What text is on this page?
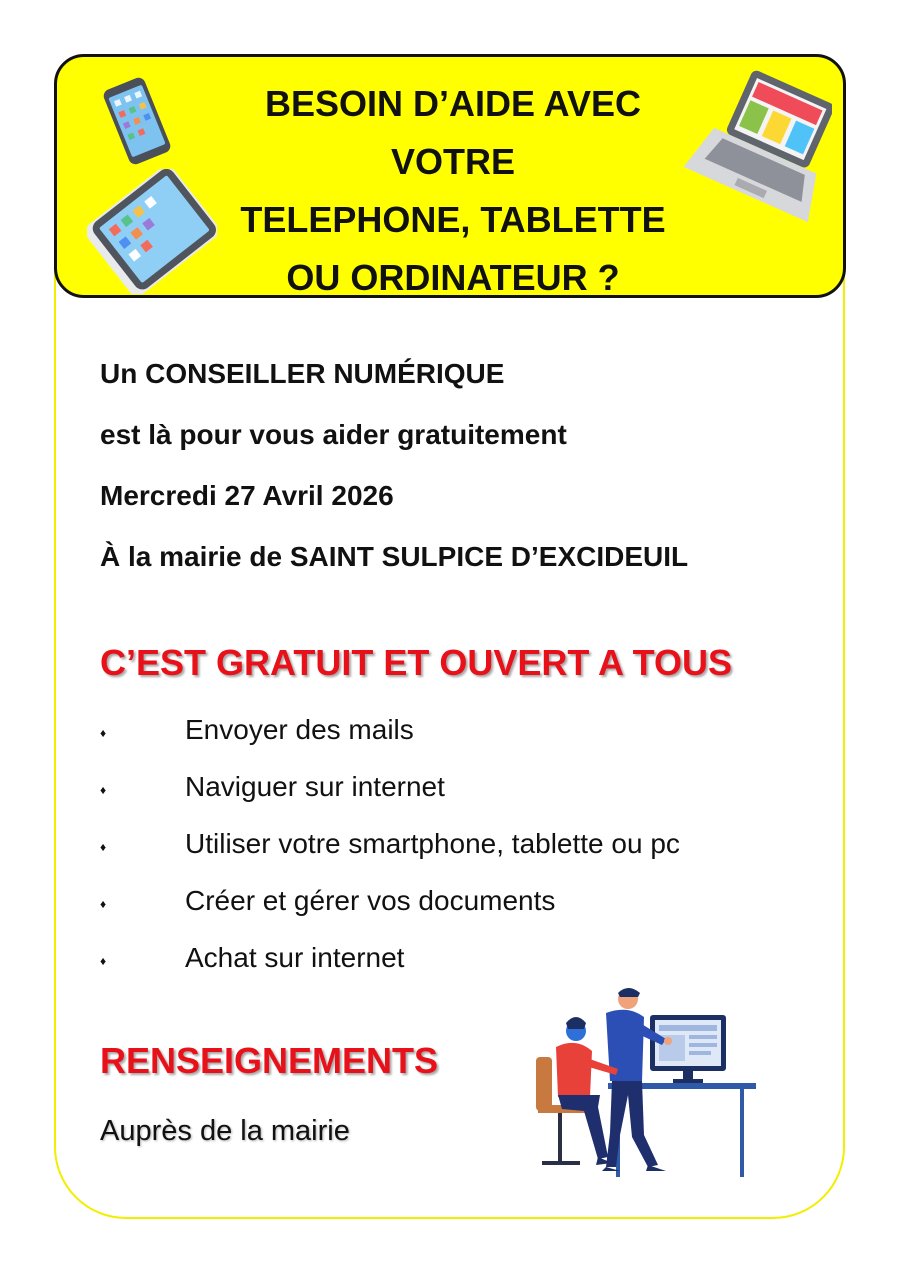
BESOIN D’AIDE AVEC
VOTRE
TELEPHONE, TABLETTE
OU ORDINATEUR ?
Un CONSEILLER NUMÉRIQUE
est là pour vous aider gratuitement
Mercredi 27 Avril 2026
À la mairie de SAINT SULPICE D’EXCIDEUIL
C’EST GRATUIT ET OUVERT A TOUS
♦	Envoyer des mails
♦	Naviguer sur internet
♦	Utiliser votre smartphone, tablette ou pc
♦	Créer et gérer vos documents
♦	Achat sur internet
RENSEIGNEMENTS
Auprès de la mairie
